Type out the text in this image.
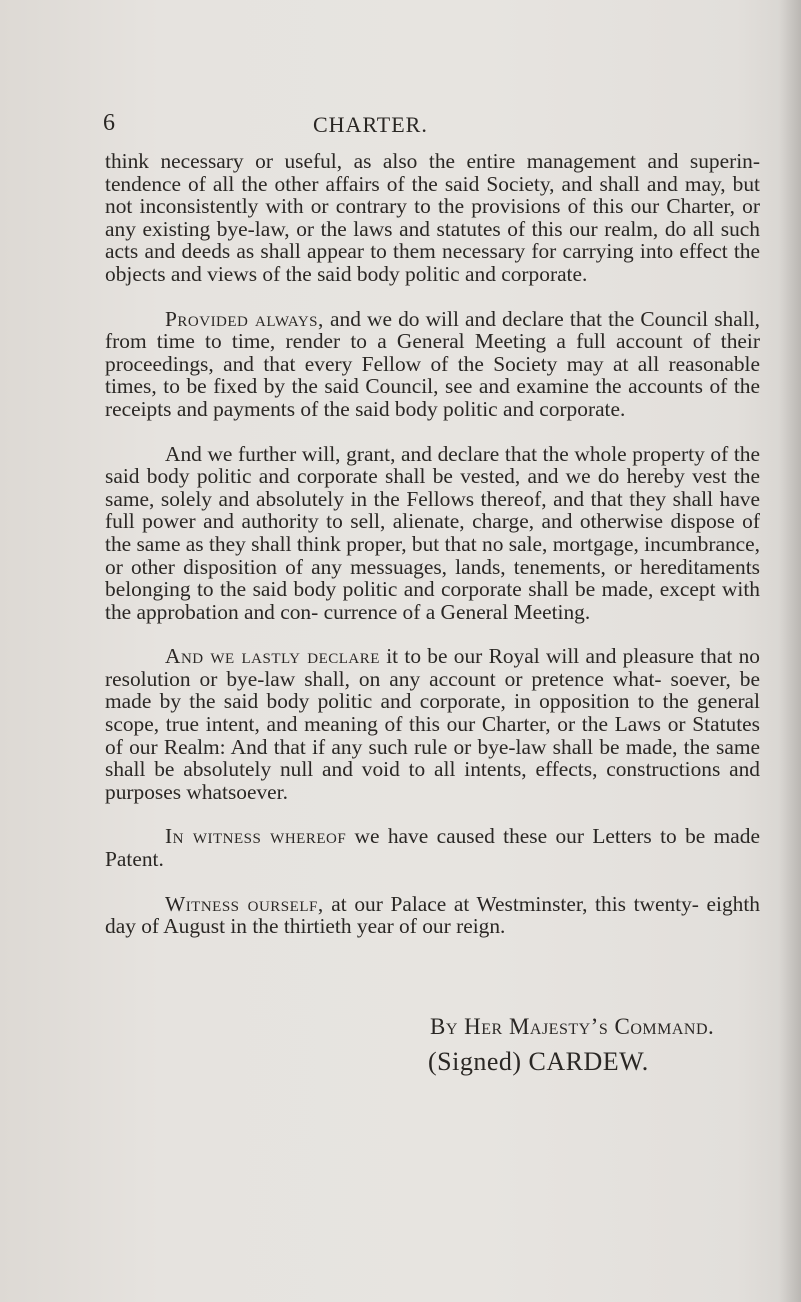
6	CHARTER.

think necessary or useful, as also the entire management and superin- tendence of all the other affairs of the said Society, and shall and may, but not inconsistently with or contrary to the provisions of this our Charter, or any existing bye-law, or the laws and statutes of this our realm, do all such acts and deeds as shall appear to them necessary for carrying into effect the objects and views of the said body politic and corporate.

Provided always, and we do will and declare that the Council shall, from time to time, render to a General Meeting a full account of their proceedings, and that every Fellow of the Society may at all reasonable times, to be fixed by the said Council, see and examine the accounts of the receipts and payments of the said body politic and corporate.

And we further will, grant, and declare that the whole property of the said body politic and corporate shall be vested, and we do hereby vest the same, solely and absolutely in the Fellows thereof, and that they shall have full power and authority to sell, alienate, charge, and otherwise dispose of the same as they shall think proper, but that no sale, mortgage, incumbrance, or other disposition of any messuages, lands, tenements, or hereditaments belonging to the said body politic and corporate shall be made, except with the approbation and con- currence of a General Meeting.

And we lastly declare it to be our Royal will and pleasure that no resolution or bye-law shall, on any account or pretence what- soever, be made by the said body politic and corporate, in opposition to the general scope, true intent, and meaning of this our Charter, or the Laws or Statutes of our Realm: And that if any such rule or bye-law shall be made, the same shall be absolutely null and void to all intents, effects, constructions and purposes whatsoever.

In witness whereof we have caused these our Letters to be made Patent.

Witness ourself, at our Palace at Westminster, this twenty- eighth day of August in the thirtieth year of our reign.

By Her Majesty’s Command.
(Signed) CARDEW.
